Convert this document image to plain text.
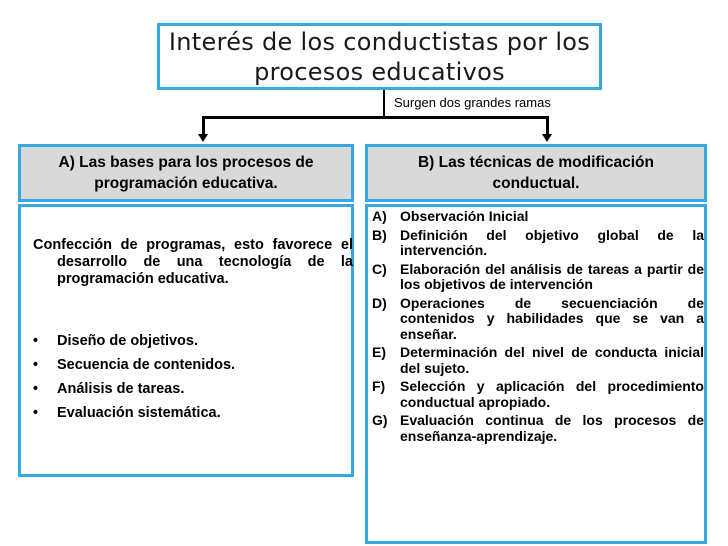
Interés de los conductistas por los procesos educativos
Surgen dos grandes ramas
A) Las bases para los procesos de programación educativa.
Confección de programas, esto favorece el desarrollo de una tecnología de la programación educativa.
• Diseño de objetivos.
• Secuencia de contenidos.
• Análisis de tareas.
• Evaluación sistemática.
B) Las técnicas de modificación conductual.
A) Observación Inicial
B) Definición del objetivo global de la intervención.
C) Elaboración del análisis de tareas a partir de los objetivos de intervención
D) Operaciones de secuenciación de contenidos y habilidades que se van a enseñar.
E)	Determinación del nivel de conducta inicial del sujeto.
F)	Selección y aplicación del procedimiento conductual apropiado.
G) Evaluación continua de los procesos de enseñanza-aprendizaje.
